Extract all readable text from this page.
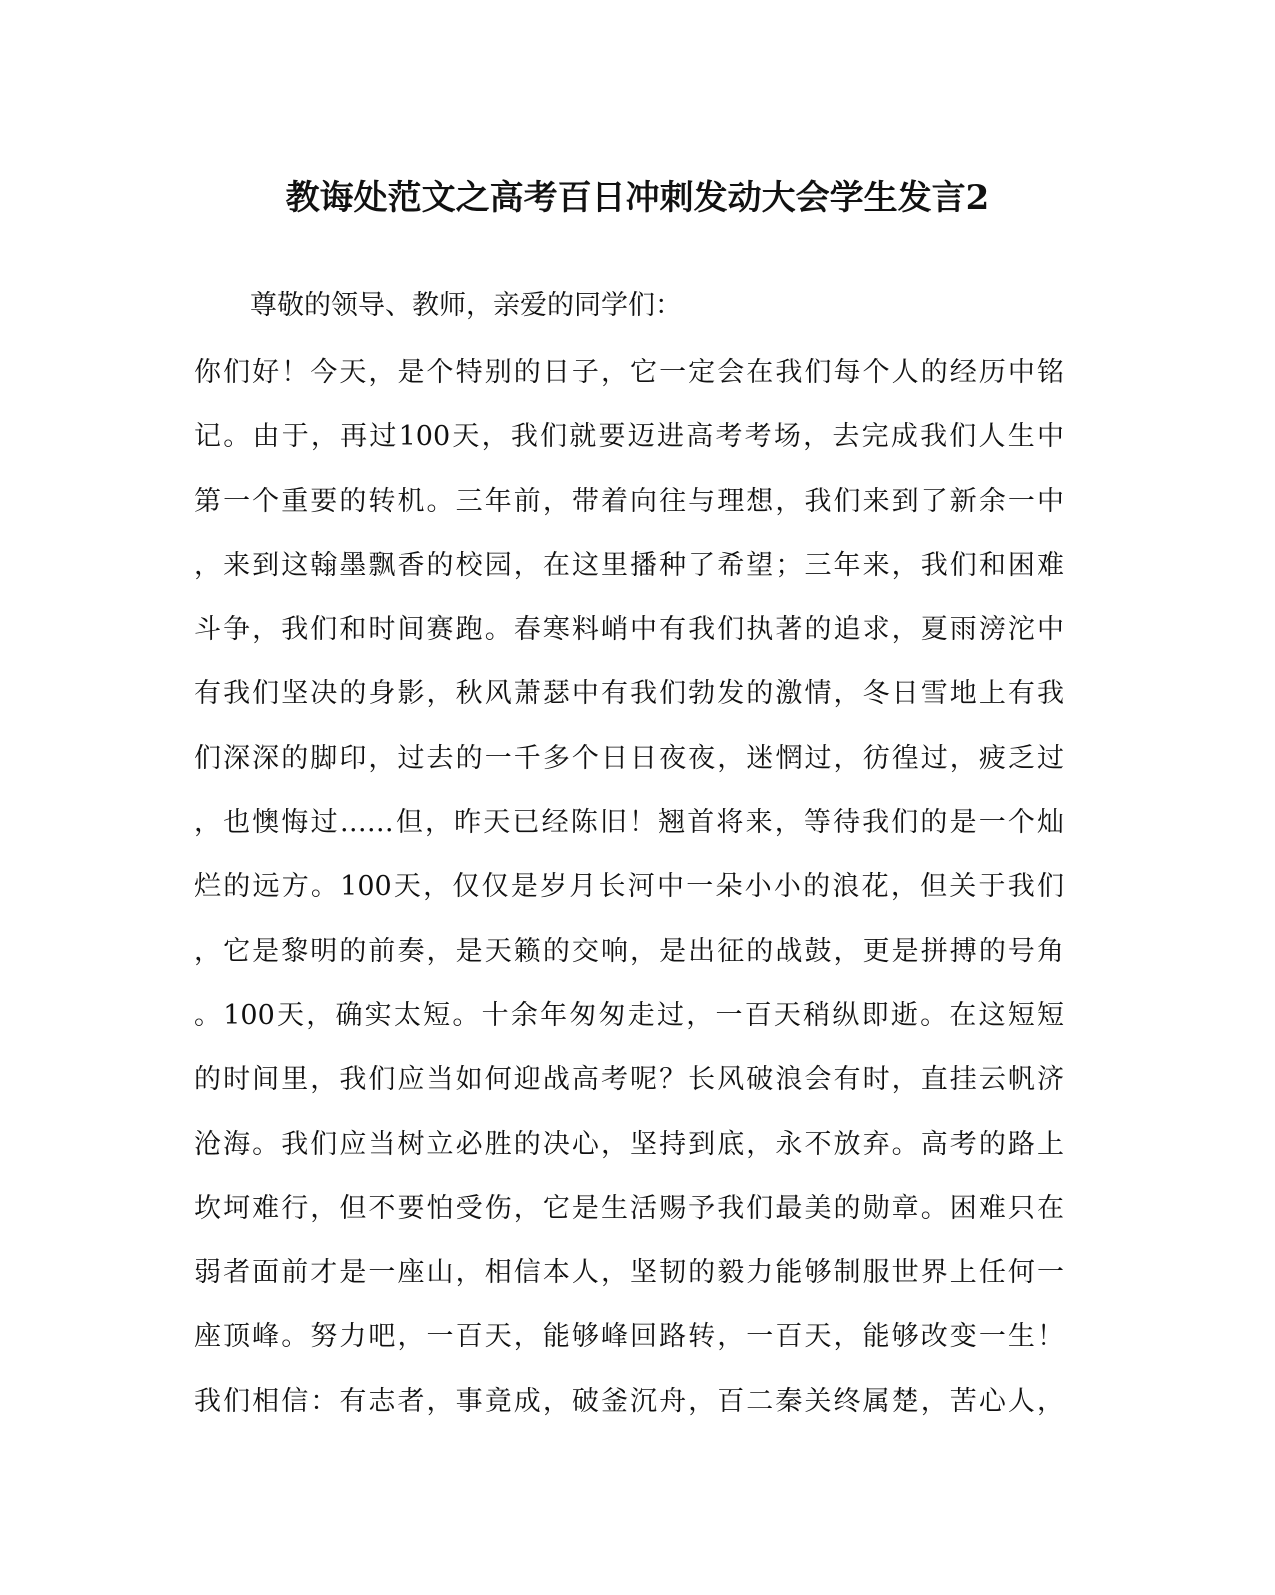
教诲处范文之高考百日冲刺发动大会学生发言2
尊敬的领导、教师，亲爱的同学们：
你们好！今天，是个特别的日子，它一定会在我们每个人的经历中铭
记。由于，再过100天，我们就要迈进高考考场，去完成我们人生中
第一个重要的转机。三年前，带着向往与理想，我们来到了新余一中
，来到这翰墨飘香的校园，在这里播种了希望；三年来，我们和困难
斗争，我们和时间赛跑。春寒料峭中有我们执著的追求，夏雨滂沱中
有我们坚决的身影，秋风萧瑟中有我们勃发的激情，冬日雪地上有我
们深深的脚印，过去的一千多个日日夜夜，迷惘过，彷徨过，疲乏过
，也懊悔过……但，昨天已经陈旧！翘首将来，等待我们的是一个灿
烂的远方。100天，仅仅是岁月长河中一朵小小的浪花，但关于我们
，它是黎明的前奏，是天籁的交响，是出征的战鼓，更是拼搏的号角
。100天，确实太短。十余年匆匆走过，一百天稍纵即逝。在这短短
的时间里，我们应当如何迎战高考呢？长风破浪会有时，直挂云帆济
沧海。我们应当树立必胜的决心，坚持到底，永不放弃。高考的路上
坎坷难行，但不要怕受伤，它是生活赐予我们最美的勋章。困难只在
弱者面前才是一座山，相信本人，坚韧的毅力能够制服世界上任何一
座顶峰。努力吧，一百天，能够峰回路转，一百天，能够改变一生！
我们相信：有志者，事竟成，破釜沉舟，百二秦关终属楚，苦心人，
